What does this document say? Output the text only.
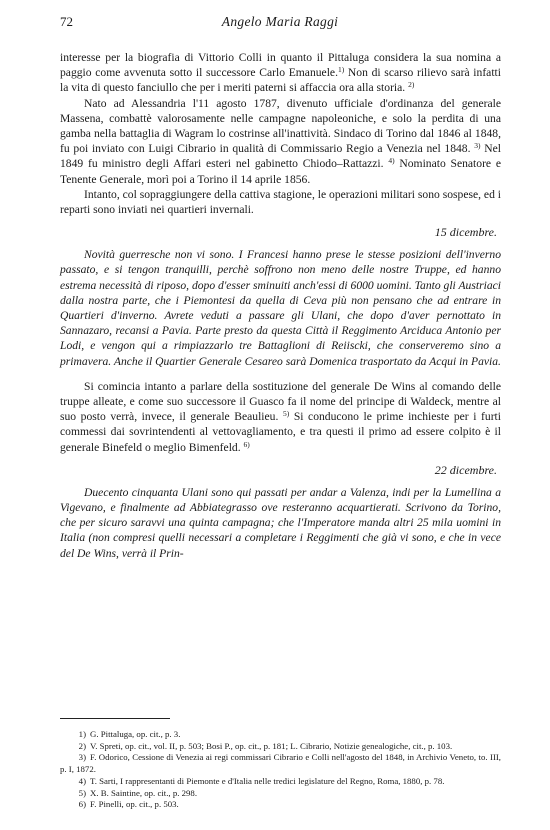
72	Angelo Maria Raggi

interesse per la biografia di Vittorio Colli in quanto il Pittaluga considera la sua nomina a paggio come avvenuta sotto il successore Carlo Emanuele.$^{1)}$ Non di scarso rilievo sarà infatti la vita di questo fanciullo che per i meriti paterni si affaccia ora alla storia. $^{2)}$

Nato ad Alessandria l'11 agosto 1787, divenuto ufficiale d'ordinanza del generale Massena, combattè valorosamente nelle campagne napoleoniche, e solo la perdita di una gamba nella battaglia di Wagram lo costrinse all'inattività. Sindaco di Torino dal 1846 al 1848, fu poi inviato con Luigi Cibrario in qualità di Commissario Regio a Venezia nel 1848. $^{3)}$ Nel 1849 fu ministro degli Affari esteri nel gabinetto Chiodo–Rattazzi. $^{4)}$ Nominato Senatore e Tenente Generale, morì poi a Torino il 14 aprile 1856.

Intanto, col sopraggiungere della cattiva stagione, le operazioni militari sono sospese, ed i reparti sono inviati nei quartieri invernali.

15 dicembre.

Novità guerresche non vi sono. I Francesi hanno prese le stesse posizioni dell'inverno passato, e si tengon tranquilli, perchè soffrono non meno delle nostre Truppe, ed hanno estrema necessità di riposo, dopo d'esser sminuiti anch'essi di 6000 uomini. Tanto gli Austriaci dalla nostra parte, che i Piemontesi da quella di Ceva più non pensano che ad entrare in Quartieri d'inverno. Avrete veduti a passare gli Ulani, che dopo d'aver pernottato in Sannazaro, recansi a Pavia. Parte presto da questa Città il Reggimento Arciduca Antonio per Lodi, e vengon qui a rimpiazzarlo tre Battaglioni di Reiiscki, che conserveremo sino a primavera. Anche il Quartier Generale Cesareo sarà Domenica trasportato da Acqui in Pavia.

Si comincia intanto a parlare della sostituzione del generale De Wins al comando delle truppe alleate, e come suo successore il Guasco fa il nome del principe di Waldeck, mentre al suo posto verrà, invece, il generale Beaulieu. $^{5)}$ Si conducono le prime inchieste per i furti commessi dai sovrintendenti al vettovagliamento, e tra questi il primo ad essere colpito è il generale Binefeld o meglio Bimenfeld. $^{6)}$

22 dicembre.

Duecento cinquanta Ulani sono qui passati per andar a Valenza, indi per la Lumellina a Vigevano, e finalmente ad Abbiategrasso ove resteranno acquartierati. Scrivono da Torino, che per sicuro saravvi una quinta campagna; che l'Imperatore manda altri 25 mila uomini in Italia (non compresi quelli necessari a completare i Reggimenti che già vi sono, e che in vece del De Wins, verrà il Prin-

1) G. Pittaluga, op. cit., p. 3.

2) V. Spreti, op. cit., vol. II, p. 503; Bosi P., op. cit., p. 181; L. Cibrario, Notizie genealogiche, cit., p. 103.

3) F. Odorico, Cessione di Venezia ai regi commissari Cibrario e Colli nell'agosto del 1848, in Archivio Veneto, to. III, p. I, 1872.

4) T. Sarti, I rappresentanti di Piemonte e d'Italia nelle tredici legislature del Regno, Roma, 1880, p. 78.

5) X. B. Saintine, op. cit., p. 298.

6) F. Pinelli, op. cit., p. 503.
